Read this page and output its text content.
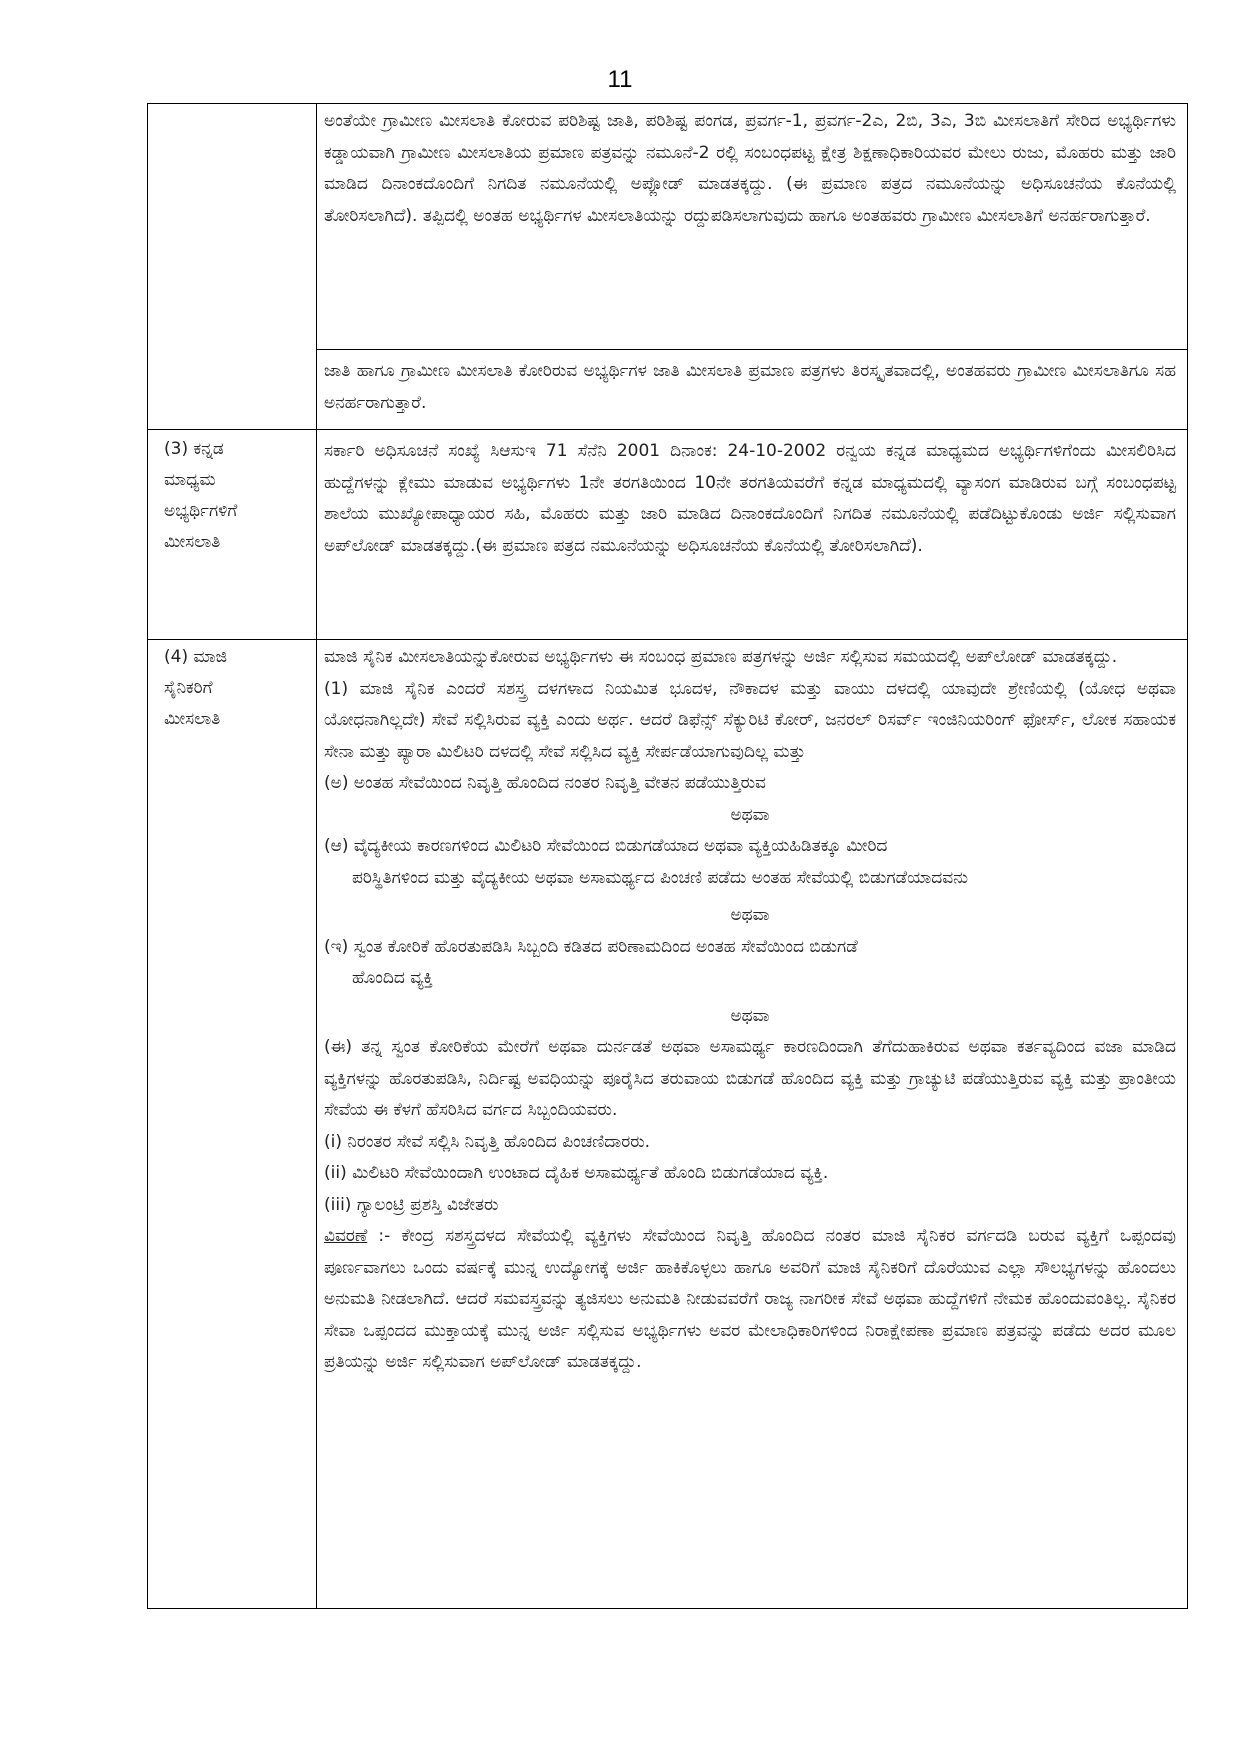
11

ಅಂತೆಯೇ ಗ್ರಾಮೀಣ ಮೀಸಲಾತಿ ಕೋರುವ ಪರಿಶಿಷ್ಟ ಜಾತಿ, ಪರಿಶಿಷ್ಟ ಪಂಗಡ, ಪ್ರವರ್ಗ-1, ಪ್ರವರ್ಗ-2ಎ, 2ಬಿ, 3ಎ, 3ಬಿ ಮೀಸಲಾತಿಗೆ ಸೇರಿದ ಅಭ್ಯರ್ಥಿಗಳು ಕಡ್ಡಾಯವಾಗಿ ಗ್ರಾಮೀಣ ಮೀಸಲಾತಿಯ ಪ್ರಮಾಣ ಪತ್ರವನ್ನು ನಮೂನೆ-2 ರಲ್ಲಿ ಸಂಬಂಧಪಟ್ಟ ಕ್ಷೇತ್ರ ಶಿಕ್ಷಣಾಧಿಕಾರಿಯವರ ಮೇಲು ರುಜು, ಮೊಹರು ಮತ್ತು ಜಾರಿ ಮಾಡಿದ ದಿನಾಂಕದೊಂದಿಗೆ ನಿಗದಿತ ನಮೂನೆಯಲ್ಲಿ ಅಪ್ಲೋಡ್ ಮಾಡತಕ್ಕದ್ದು. (ಈ ಪ್ರಮಾಣ ಪತ್ರದ ನಮೂನೆಯನ್ನು ಅಧಿಸೂಚನೆಯ ಕೊನೆಯಲ್ಲಿ ತೋರಿಸಲಾಗಿದೆ). ತಪ್ಪಿದಲ್ಲಿ ಅಂತಹ ಅಭ್ಯರ್ಥಿಗಳ ಮೀಸಲಾತಿಯನ್ನು ರದ್ದುಪಡಿಸಲಾಗುವುದು ಹಾಗೂ ಅಂತಹವರು ಗ್ರಾಮೀಣ ಮೀಸಲಾತಿಗೆ ಅನರ್ಹರಾಗುತ್ತಾರೆ.

ಜಾತಿ ಹಾಗೂ ಗ್ರಾಮೀಣ ಮೀಸಲಾತಿ ಕೋರಿರುವ ಅಭ್ಯರ್ಥಿಗಳ ಜಾತಿ ಮೀಸಲಾತಿ ಪ್ರಮಾಣ ಪತ್ರಗಳು ತಿರಸ್ಕೃತವಾದಲ್ಲಿ, ಅಂತಹವರು ಗ್ರಾಮೀಣ ಮೀಸಲಾತಿಗೂ ಸಹ ಅನರ್ಹರಾಗುತ್ತಾರೆ.

(3) ಕನ್ನಡ
ಮಾಧ್ಯಮ
ಅಭ್ಯರ್ಥಿಗಳಿಗೆ
ಮೀಸಲಾತಿ

ಸರ್ಕಾರಿ ಅಧಿಸೂಚನೆ ಸಂಖ್ಯೆ ಸಿಆಸುಇ 71 ಸೆನೆನಿ 2001 ದಿನಾಂಕ: 24-10-2002 ರನ್ವಯ ಕನ್ನಡ ಮಾಧ್ಯಮದ ಅಭ್ಯರ್ಥಿಗಳಿಗೆಂದು ಮೀಸಲಿರಿಸಿದ ಹುದ್ದೆಗಳನ್ನು ಕ್ಲೇಮು ಮಾಡುವ ಅಭ್ಯರ್ಥಿಗಳು 1ನೇ ತರಗತಿಯಿಂದ 10ನೇ ತರಗತಿಯವರೆಗೆ ಕನ್ನಡ ಮಾಧ್ಯಮದಲ್ಲಿ ವ್ಯಾಸಂಗ ಮಾಡಿರುವ ಬಗ್ಗೆ ಸಂಬಂಧಪಟ್ಟ ಶಾಲೆಯ ಮುಖ್ಯೋಪಾಧ್ಯಾಯರ ಸಹಿ, ಮೊಹರು ಮತ್ತು ಜಾರಿ ಮಾಡಿದ ದಿನಾಂಕದೊಂದಿಗೆ ನಿಗದಿತ ನಮೂನೆಯಲ್ಲಿ ಪಡೆದಿಟ್ಟುಕೊಂಡು ಅರ್ಜಿ ಸಲ್ಲಿಸುವಾಗ ಅಪ್‌ಲೋಡ್ ಮಾಡತಕ್ಕದ್ದು.(ಈ ಪ್ರಮಾಣ ಪತ್ರದ ನಮೂನೆಯನ್ನು ಅಧಿಸೂಚನೆಯ ಕೊನೆಯಲ್ಲಿ ತೋರಿಸಲಾಗಿದೆ).

(4) ಮಾಜಿ
ಸೈನಿಕರಿಗೆ
ಮೀಸಲಾತಿ

ಮಾಜಿ ಸೈನಿಕ ಮೀಸಲಾತಿಯನ್ನುಕೋರುವ ಅಭ್ಯರ್ಥಿಗಳು ಈ ಸಂಬಂಧ ಪ್ರಮಾಣ ಪತ್ರಗಳನ್ನು ಅರ್ಜಿ ಸಲ್ಲಿಸುವ ಸಮಯದಲ್ಲಿ ಅಪ್‌ಲೋಡ್ ಮಾಡತಕ್ಕದ್ದು.

(1) ಮಾಜಿ ಸೈನಿಕ ಎಂದರೆ ಸಶಸ್ತ್ರ ದಳಗಳಾದ ನಿಯಮಿತ ಭೂದಳ, ನೌಕಾದಳ ಮತ್ತು ವಾಯು ದಳದಲ್ಲಿ ಯಾವುದೇ ಶ್ರೇಣಿಯಲ್ಲಿ (ಯೋಧ ಅಥವಾ ಯೋಧನಾಗಿಲ್ಲದೇ) ಸೇವೆ ಸಲ್ಲಿಸಿರುವ ವ್ಯಕ್ತಿ ಎಂದು ಅರ್ಥ. ಆದರೆ ಡಿಫೆನ್ಸ್ ಸೆಕ್ಯುರಿಟಿ ಕೋರ್, ಜನರಲ್ ರಿಸರ್ವ್ ಇಂಜಿನಿಯರಿಂಗ್ ಫೋರ್ಸ್, ಲೋಕ ಸಹಾಯಕ ಸೇನಾ ಮತ್ತು ಪ್ಯಾರಾ ಮಿಲಿಟರಿ ದಳದಲ್ಲಿ ಸೇವೆ ಸಲ್ಲಿಸಿದ ವ್ಯಕ್ತಿ ಸೇರ್ಪಡೆಯಾಗುವುದಿಲ್ಲ ಮತ್ತು

(ಅ) ಅಂತಹ ಸೇವೆಯಿಂದ ನಿವೃತ್ತಿ ಹೊಂದಿದ ನಂತರ ನಿವೃತ್ತಿ ವೇತನ ಪಡೆಯುತ್ತಿರುವ

ಅಥವಾ

(ಆ) ವೈದ್ಯಕೀಯ ಕಾರಣಗಳಿಂದ ಮಿಲಿಟರಿ ಸೇವೆಯಿಂದ ಬಿಡುಗಡೆಯಾದ ಅಥವಾ ವ್ಯಕ್ತಿಯಹಿಡಿತಕ್ಕೂ ಮೀರಿದ

ಪರಿಸ್ಥಿತಿಗಳಿಂದ ಮತ್ತು ವೈದ್ಯಕೀಯ ಅಥವಾ ಅಸಾಮರ್ಥ್ಯದ ಪಿಂಚಣಿ ಪಡೆದು ಅಂತಹ ಸೇವೆಯಲ್ಲಿ ಬಿಡುಗಡೆಯಾದವನು

ಅಥವಾ

(ಇ) ಸ್ವಂತ ಕೋರಿಕೆ ಹೊರತುಪಡಿಸಿ ಸಿಬ್ಬಂದಿ ಕಡಿತದ ಪರಿಣಾಮದಿಂದ ಅಂತಹ ಸೇವೆಯಿಂದ ಬಿಡುಗಡೆ

ಹೊಂದಿದ ವ್ಯಕ್ತಿ

ಅಥವಾ

(ಈ) ತನ್ನ ಸ್ವಂತ ಕೋರಿಕೆಯ ಮೇರೆಗೆ ಅಥವಾ ದುರ್ನಡತೆ ಅಥವಾ ಅಸಾಮರ್ಥ್ಯ ಕಾರಣದಿಂದಾಗಿ ತೆಗೆದುಹಾಕಿರುವ ಅಥವಾ ಕರ್ತವ್ಯದಿಂದ ವಜಾ ಮಾಡಿದ ವ್ಯಕ್ತಿಗಳನ್ನು ಹೊರತುಪಡಿಸಿ, ನಿರ್ದಿಷ್ಟ ಅವಧಿಯನ್ನು ಪೂರೈಸಿದ ತರುವಾಯ ಬಿಡುಗಡೆ ಹೊಂದಿದ ವ್ಯಕ್ತಿ ಮತ್ತು ಗ್ರಾಚ್ಯುಟಿ ಪಡೆಯುತ್ತಿರುವ ವ್ಯಕ್ತಿ ಮತ್ತು ಪ್ರಾಂತೀಯ ಸೇವೆಯ ಈ ಕೆಳಗೆ ಹೆಸರಿಸಿದ ವರ್ಗದ ಸಿಬ್ಬಂದಿಯವರು.

(i) ನಿರಂತರ ಸೇವೆ ಸಲ್ಲಿಸಿ ನಿವೃತ್ತಿ ಹೊಂದಿದ ಪಿಂಚಣಿದಾರರು.

(ii) ಮಿಲಿಟರಿ ಸೇವೆಯಿಂದಾಗಿ ಉಂಟಾದ ದೈಹಿಕ ಅಸಾಮರ್ಥ್ಯತೆ ಹೊಂದಿ ಬಿಡುಗಡೆಯಾದ ವ್ಯಕ್ತಿ.

(iii) ಗ್ಯಾಲಂಟ್ರಿ ಪ್ರಶಸ್ತಿ ವಿಜೇತರು

ವಿವರಣೆ :- ಕೇಂದ್ರ ಸಶಸ್ತ್ರದಳದ ಸೇವೆಯಲ್ಲಿ ವ್ಯಕ್ತಿಗಳು ಸೇವೆಯಿಂದ ನಿವೃತ್ತಿ ಹೊಂದಿದ ನಂತರ ಮಾಜಿ ಸೈನಿಕರ ವರ್ಗದಡಿ ಬರುವ ವ್ಯಕ್ತಿಗೆ ಒಪ್ಪಂದವು ಪೂರ್ಣವಾಗಲು ಒಂದು ವರ್ಷಕ್ಕೆ ಮುನ್ನ ಉದ್ಯೋಗಕ್ಕೆ ಅರ್ಜಿ ಹಾಕಿಕೊಳ್ಳಲು ಹಾಗೂ ಅವರಿಗೆ ಮಾಜಿ ಸೈನಿಕರಿಗೆ ದೊರೆಯುವ ಎಲ್ಲಾ ಸೌಲಭ್ಯಗಳನ್ನು ಹೊಂದಲು ಅನುಮತಿ ನೀಡಲಾಗಿದೆ. ಆದರೆ ಸಮವಸ್ತ್ರವನ್ನು ತ್ಯಜಿಸಲು ಅನುಮತಿ ನೀಡುವವರೆಗೆ ರಾಜ್ಯ ನಾಗರೀಕ ಸೇವೆ ಅಥವಾ ಹುದ್ದೆಗಳಿಗೆ ನೇಮಕ ಹೊಂದುವಂತಿಲ್ಲ. ಸೈನಿಕರ ಸೇವಾ ಒಪ್ಪಂದದ ಮುಕ್ತಾಯಕ್ಕೆ ಮುನ್ನ ಅರ್ಜಿ ಸಲ್ಲಿಸುವ ಅಭ್ಯರ್ಥಿಗಳು ಅವರ ಮೇಲಾಧಿಕಾರಿಗಳಿಂದ ನಿರಾಕ್ಷೇಪಣಾ ಪ್ರಮಾಣ ಪತ್ರವನ್ನು ಪಡೆದು ಅದರ ಮೂಲ ಪ್ರತಿಯನ್ನು ಅರ್ಜಿ ಸಲ್ಲಿಸುವಾಗ ಅಪ್‌ಲೋಡ್ ಮಾಡತಕ್ಕದ್ದು.
